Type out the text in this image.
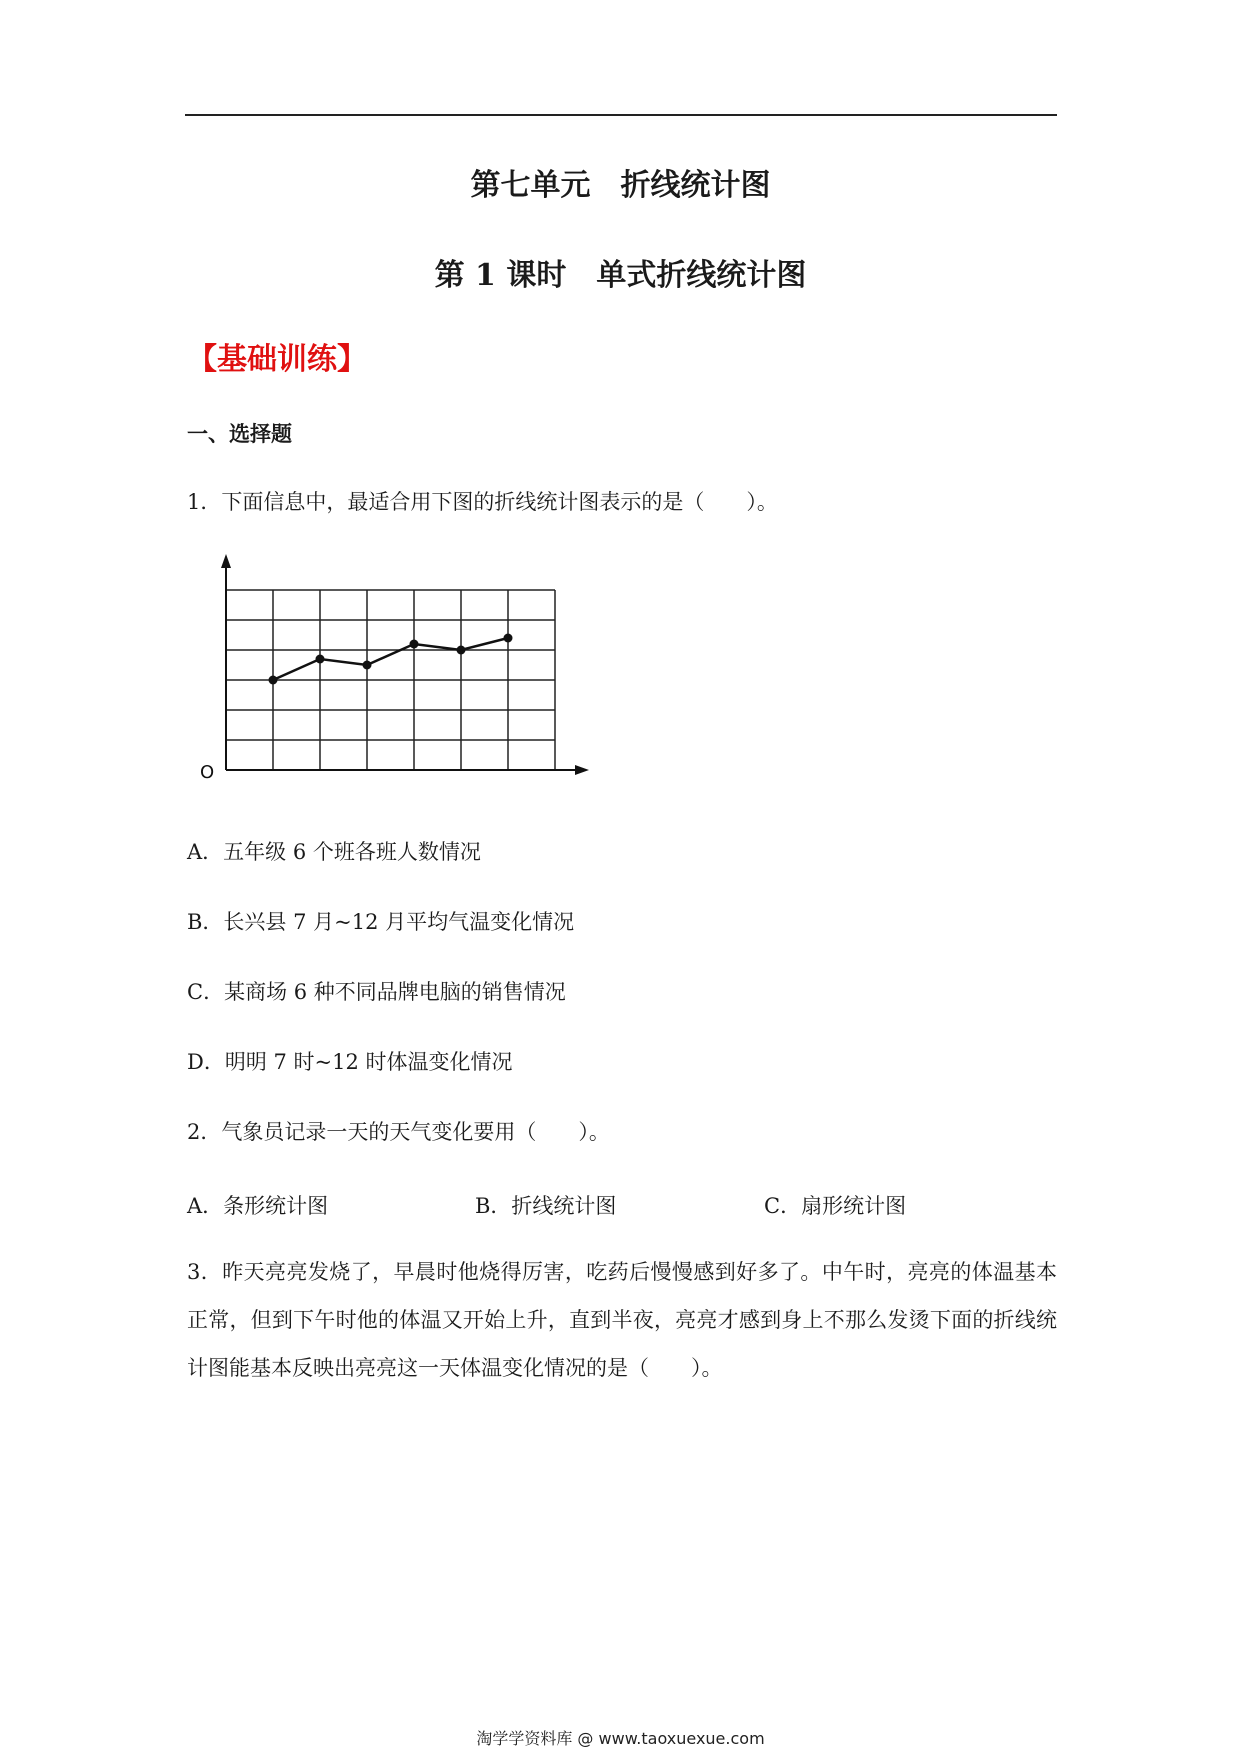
第七单元　折线统计图
第 1 课时　单式折线统计图
【基础训练】
一、选择题
1．下面信息中，最适合用下图的折线统计图表示的是（　　）。
O
A．五年级 6 个班各班人数情况
B．长兴县 7 月~12 月平均气温变化情况
C．某商场 6 种不同品牌电脑的销售情况
D．明明 7 时~12 时体温变化情况
2．气象员记录一天的天气变化要用（　　）。
A．条形统计图	B．折线统计图	C．扇形统计图
3．昨天亮亮发烧了，早晨时他烧得厉害，吃药后慢慢感到好多了。中午时，亮亮的体温基本正常，但到下午时他的体温又开始上升，直到半夜，亮亮才感到身上不那么发烫下面的折线统计图能基本反映出亮亮这一天体温变化情况的是（　　）。
淘学学资料库 @ www.taoxuexue.com
